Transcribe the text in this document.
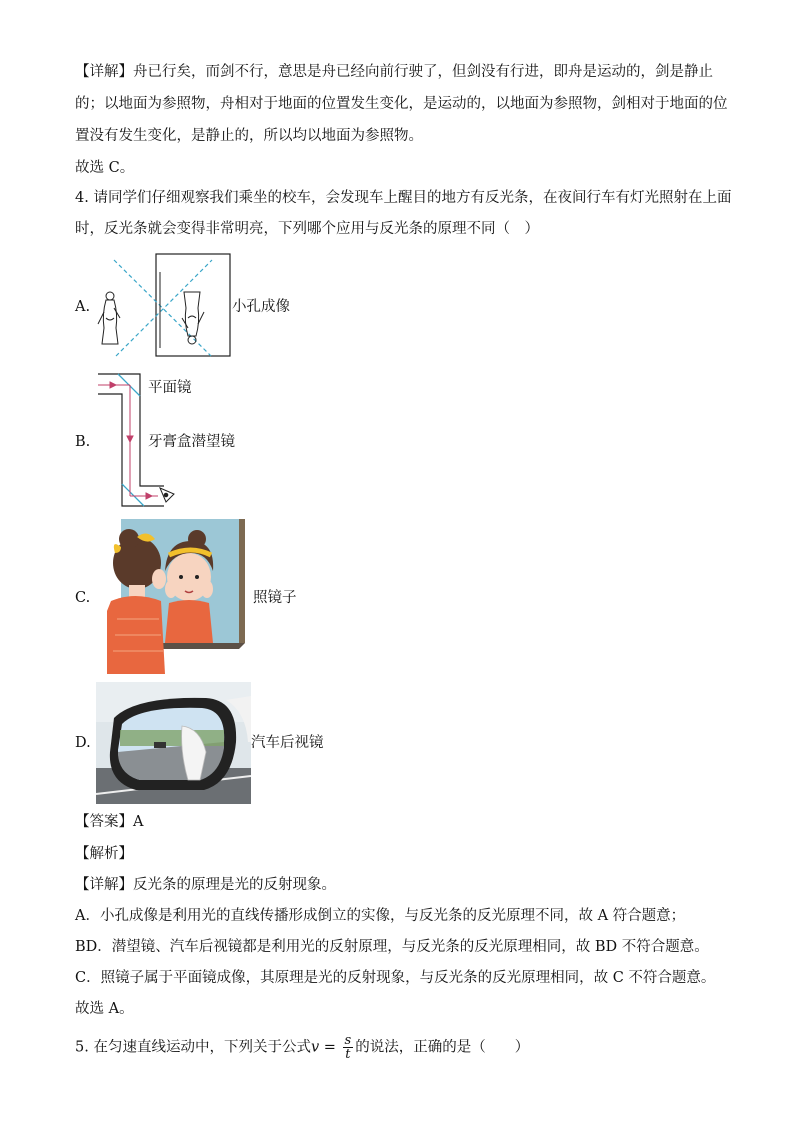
【详解】舟已行矣，而剑不行，意思是舟已经向前行驶了，但剑没有行进，即舟是运动的，剑是静止
的；以地面为参照物，舟相对于地面的位置发生变化，是运动的，以地面为参照物，剑相对于地面的位
置没有发生变化，是静止的，所以均以地面为参照物。
故选 C。
4. 请同学们仔细观察我们乘坐的校车，会发现车上醒目的地方有反光条，在夜间行车有灯光照射在上面
时，反光条就会变得非常明亮，下列哪个应用与反光条的原理不同（　）
A.	小孔成像
B.
平面镜
牙膏盒潜望镜
C.	照镜子
D.	汽车后视镜
【答案】A
【解析】
【详解】反光条的原理是光的反射现象。
A．小孔成像是利用光的直线传播形成倒立的实像，与反光条的反光原理不同，故 A 符合题意；
BD．潜望镜、汽车后视镜都是利用光的反射原理，与反光条的反光原理相同，故 BD 不符合题意。
C．照镜子属于平面镜成像，其原理是光的反射现象，与反光条的反光原理相同，故 C 不符合题意。
故选 A。
5. 在匀速直线运动中，下列关于公式$v = \frac{s}{t}$ 的说法，正确的是（　　）
